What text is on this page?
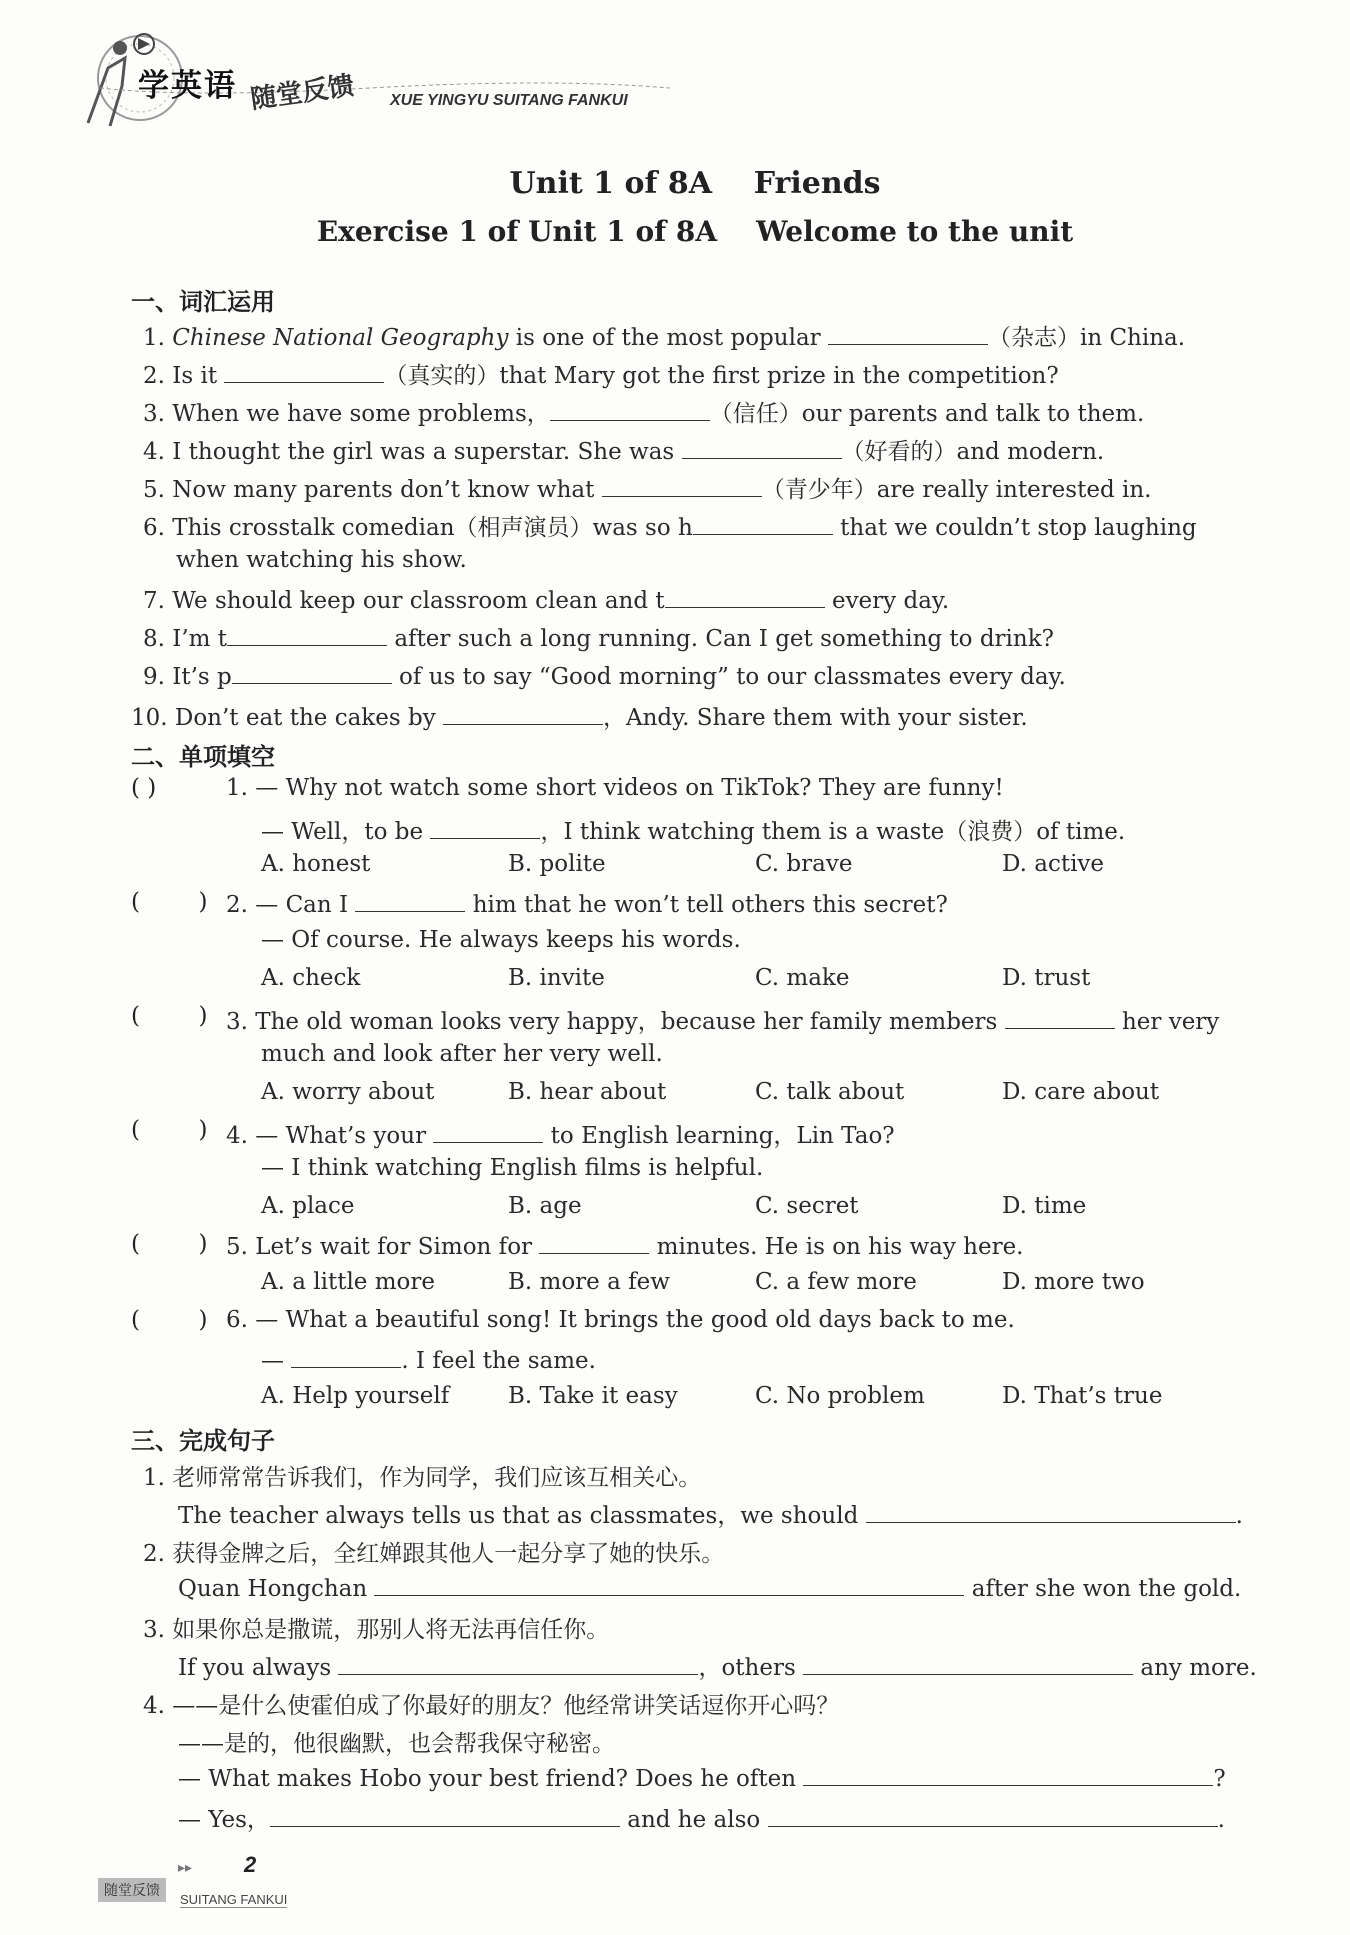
学英语 随堂反馈 XUE YINGYU SUITANG FANKUI
Unit 1 of 8A    Friends
Exercise 1 of Unit 1 of 8A    Welcome to the unit
一、词汇运用
1. Chinese National Geography is one of the most popular	（杂志）in China.
2. Is it	（真实的）that Mary got the first prize in the competition?
3. When we have some problems，	（信任）our parents and talk to them.
4. I thought the girl was a superstar. She was	（好看的）and modern.
5. Now many parents don’t know what	（青少年）are really interested in.
6. This crosstalk comedian（相声演员）was so h	that we couldn’t stop laughing
when watching his show.
7. We should keep our classroom clean and t	every day.
8. I’m t	after such a long running. Can I get something to drink?
9. It’s p	of us to say “Good morning” to our classmates every day.
10. Don’t eat the cakes by	，Andy. Share them with your sister.
二、单项填空
( )	1. — Why not watch some short videos on TikTok? They are funny!
— Well，to be	，I think watching them is a waste（浪费）of time.
A. honest	B. polite	C. brave	D. active
(        ) 2. — Can I	him that he won’t tell others this secret?
— Of course. He always keeps his words.
A. check	B. invite	C. make	D. trust
(        ) 3. The old woman looks very happy，because her family members	her very
much and look after her very well.
A. worry about	B. hear about	C. talk about	D. care about
(        ) 4. — What’s your	to English learning，Lin Tao?
— I think watching English films is helpful.
A. place	B. age	C. secret	D. time
(        ) 5. Let’s wait for Simon for	minutes. He is on his way here.
A. a little more	B. more a few	C. a few more	D. more two
(        ) 6. — What a beautiful song! It brings the good old days back to me.
—	. I feel the same.
A. Help yourself	B. Take it easy	C. No problem	D. That’s true
三、完成句子
1. 老师常常告诉我们，作为同学，我们应该互相关心。
The teacher always tells us that as classmates，we should	.
2. 获得金牌之后，全红婵跟其他人一起分享了她的快乐。
Quan Hongchan	after she won the gold.
3. 如果你总是撒谎，那别人将无法再信任你。
If you always	，others	any more.
4. ——是什么使霍伯成了你最好的朋友？他经常讲笑话逗你开心吗？
——是的，他很幽默，也会帮我保守秘密。
— What makes Hobo your best friend? Does he often	?
— Yes，	and he also	.
▸▸ 2
随堂反馈
SUITANG FANKUI
